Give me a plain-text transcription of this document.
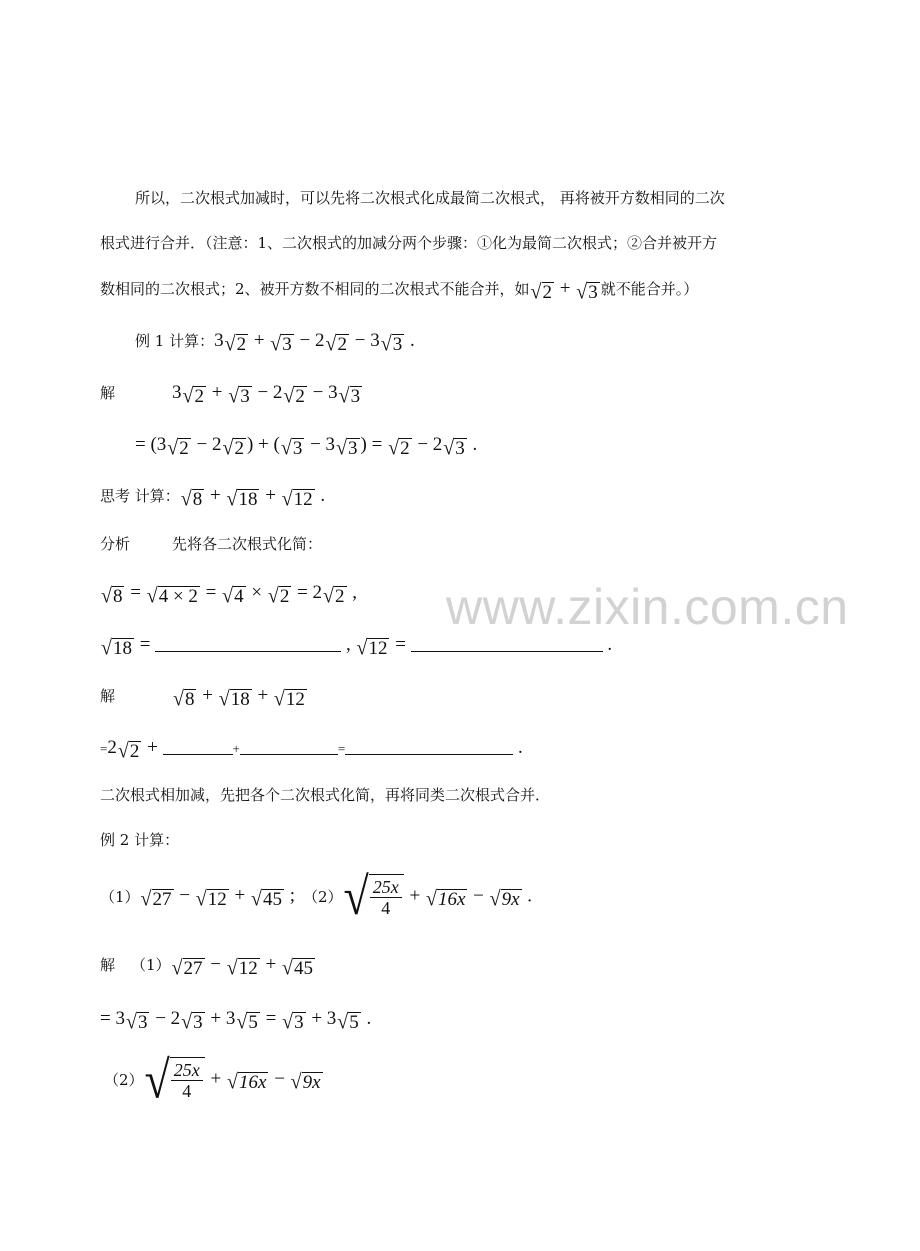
www.zixin.com.cn
所以，二次根式加减时，可以先将二次根式化成最简二次根式， 再将被开方数相同的二次
根式进行合并．（注意：1、二次根式的加减分两个步骤：①化为最简二次根式；②合并被开方
数相同的二次根式；2、被开方数不相同的二次根式不能合并，如 √ 2 + √ 3 就不能合并。）
例 1 计算：3 √ 2 + √ 3 − 2 √ 2 − 3 √ 3 .
解	3 √ 2 + √ 3 − 2 √ 2 − 3 √ 3
= (3 √ 2 − 2 √ 2 ) + ( √ 3 − 3 √ 3 ) = √ 2 − 2 √ 3 .
思考 计算： √ 8 + √ 18 + √ 12 .
分析	先将各二次根式化简：
√ 8 = √ 4 × 2 = √ 4 × √ 2 = 2 √ 2 ,
√ 18 =	, √ 12 =	.
解	√ 8 + √ 18 + √ 12
=2 √ 2 +	+	=	.
二次根式相加减，先把各个二次根式化简，再将同类二次根式合并．
例 2 计算：
（1） √ 27 − √ 12 + √ 45 ; （2） √ $\frac{25x}{4}$ + √ 16x − √ 9x .
解 （1） √ 27 − √ 12 + √ 45
= 3 √ 3 − 2 √ 3 + 3 √ 5 = √ 3 + 3 √ 5 .
（2） √ $\frac{25x}{4}$ + √ 16x − √ 9x
